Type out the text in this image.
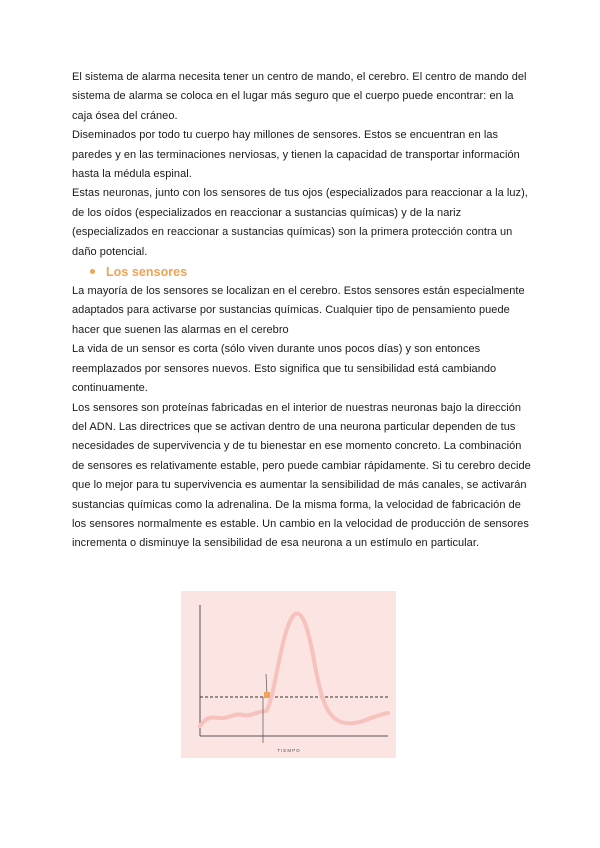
El sistema de alarma necesita tener un centro de mando, el cerebro. El centro de mando del sistema de alarma se coloca en el lugar más seguro que el cuerpo puede encontrar: en la caja ósea del cráneo.

Diseminados por todo tu cuerpo hay millones de sensores. Estos se encuentran en las paredes y en las terminaciones nerviosas, y tienen la capacidad de transportar información hasta la médula espinal.

Estas neuronas, junto con los sensores de tus ojos (especializados para reaccionar a la luz), de los oídos (especializados en reaccionar a sustancias químicas) y de la nariz (especializados en reaccionar a sustancias químicas) son la primera protección contra un daño potencial.

Los sensores

La mayoría de los sensores se localizan en el cerebro. Estos sensores están especialmente adaptados para activarse por sustancias químicas. Cualquier tipo de pensamiento puede hacer que suenen las alarmas en el cerebro

La vida de un sensor es corta (sólo viven durante unos pocos días) y son entonces reemplazados por sensores nuevos. Esto significa que tu sensibilidad está cambiando continuamente.

Los sensores son proteínas fabricadas en el interior de nuestras neuronas bajo la dirección del ADN. Las directrices que se activan dentro de una neurona particular dependen de tus necesidades de supervivencia y de tu bienestar en ese momento concreto. La combinación de sensores es relativamente estable, pero puede cambiar rápidamente. Si tu cerebro decide que lo mejor para tu supervivencia es aumentar la sensibilidad de más canales, se activarán sustancias químicas como la adrenalina. De la misma forma, la velocidad de fabricación de los sensores normalmente es estable. Un cambio en la velocidad de producción de sensores incrementa o disminuye la sensibilidad de esa neurona a un estímulo en particular.

TIEMPO
